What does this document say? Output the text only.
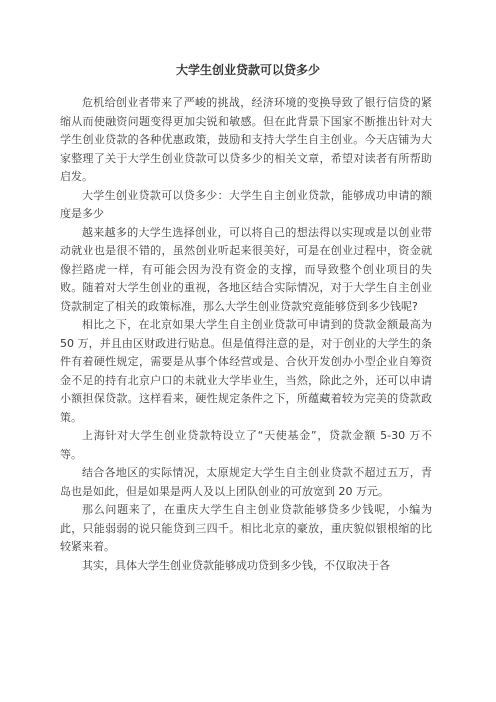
大学生创业贷款可以贷多少

危机给创业者带来了严峻的挑战，经济环境的变换导致了银行信贷的紧缩从而使融资问题变得更加尖锐和敏感。但在此背景下国家不断推出针对大学生创业贷款的各种优惠政策，鼓励和支持大学生自主创业。今天店铺为大家整理了关于大学生创业贷款可以贷多少的相关文章，希望对读者有所帮助启发。

大学生创业贷款可以贷多少：大学生自主创业贷款，能够成功申请的额度是多少

越来越多的大学生选择创业，可以将自己的想法得以实现或是以创业带动就业也是很不错的，虽然创业听起来很美好，可是在创业过程中，资金就像拦路虎一样，有可能会因为没有资金的支撑，而导致整个创业项目的失败。随着对大学生创业的重视，各地区结合实际情况，对于大学生自主创业贷款制定了相关的政策标准，那么大学生创业贷款究竟能够贷到多少钱呢?

相比之下，在北京如果大学生自主创业贷款可申请到的贷款金额最高为 50 万，并且由区财政进行贴息。但是值得注意的是，对于创业的大学生的条件有着硬性规定，需要是从事个体经营或是、合伙开发创办小型企业自筹资金不足的持有北京户口的未就业大学毕业生，当然，除此之外，还可以申请小额担保贷款。这样看来，硬性规定条件之下，所蕴藏着较为完美的贷款政策。

上海针对大学生创业贷款特设立了“天使基金”，贷款金额 5-30 万不等。

结合各地区的实际情况，太原规定大学生自主创业贷款不超过五万，青岛也是如此，但是如果是两人及以上团队创业的可放宽到 20 万元。

那么问题来了，在重庆大学生自主创业贷款能够贷多少钱呢，小编为此，只能弱弱的说只能贷到三四千。相比北京的豪放，重庆貌似银根缩的比较紧来着。

其实，具体大学生创业贷款能够成功贷到多少钱，不仅取决于各
